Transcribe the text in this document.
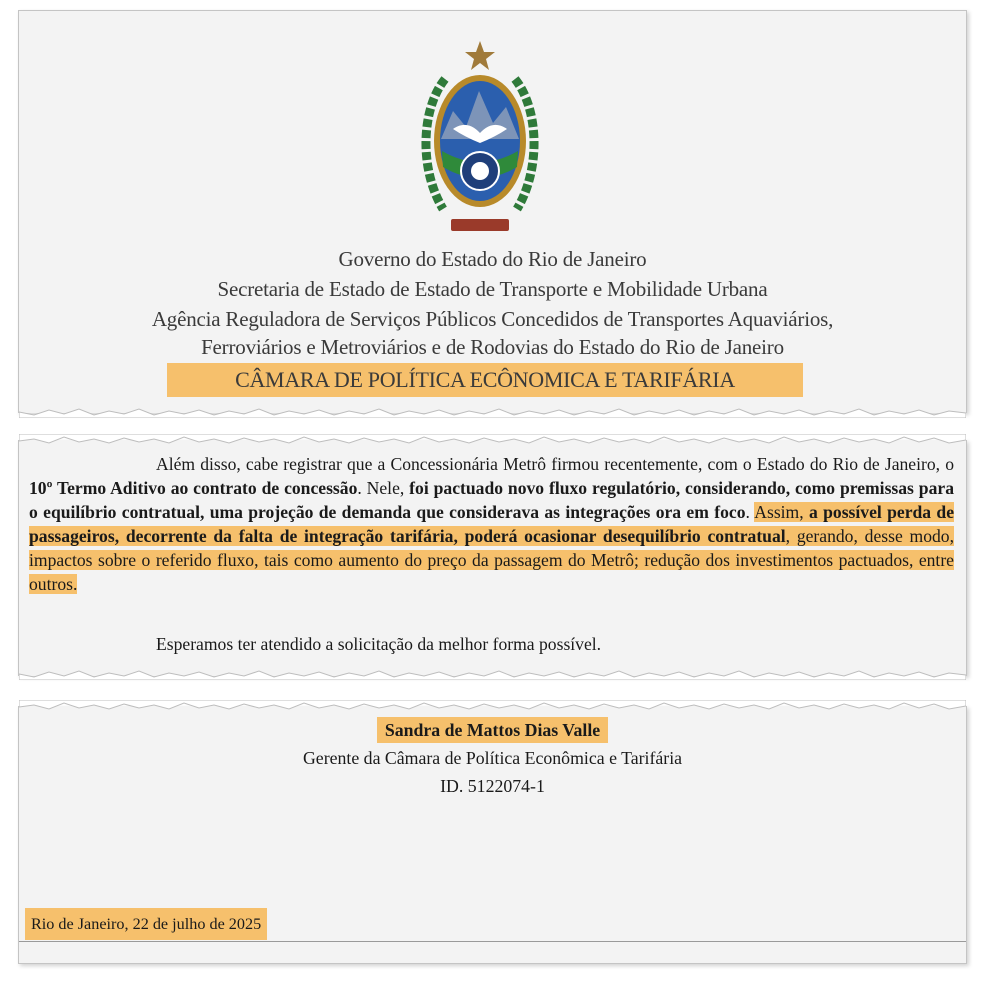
Governo do Estado do Rio de Janeiro
Secretaria de Estado de Estado de Transporte e Mobilidade Urbana
Agência Reguladora de Serviços Públicos Concedidos de Transportes Aquaviários,
Ferroviários e Metroviários e de Rodovias do Estado do Rio de Janeiro
CÂMARA DE POLÍTICA ECÔNOMICA E TARIFÁRIA

Além disso, cabe registrar que a Concessionária Metrô firmou recentemente, com o Estado do Rio de Janeiro, o 10º Termo Aditivo ao contrato de concessão. Nele, foi pactuado novo fluxo regulatório, considerando, como premissas para o equilíbrio contratual, uma projeção de demanda que considerava as integrações ora em foco. Assim, a possível perda de passageiros, decorrente da falta de integração tarifária, poderá ocasionar desequilíbrio contratual, gerando, desse modo, impactos sobre o referido fluxo, tais como aumento do preço da passagem do Metrô; redução dos investimentos pactuados, entre outros.

Esperamos ter atendido a solicitação da melhor forma possível.
Sandra de Mattos Dias Valle
Gerente da Câmara de Política Econômica e Tarifária
ID. 5122074-1
Rio de Janeiro, 22 de julho de 2025
